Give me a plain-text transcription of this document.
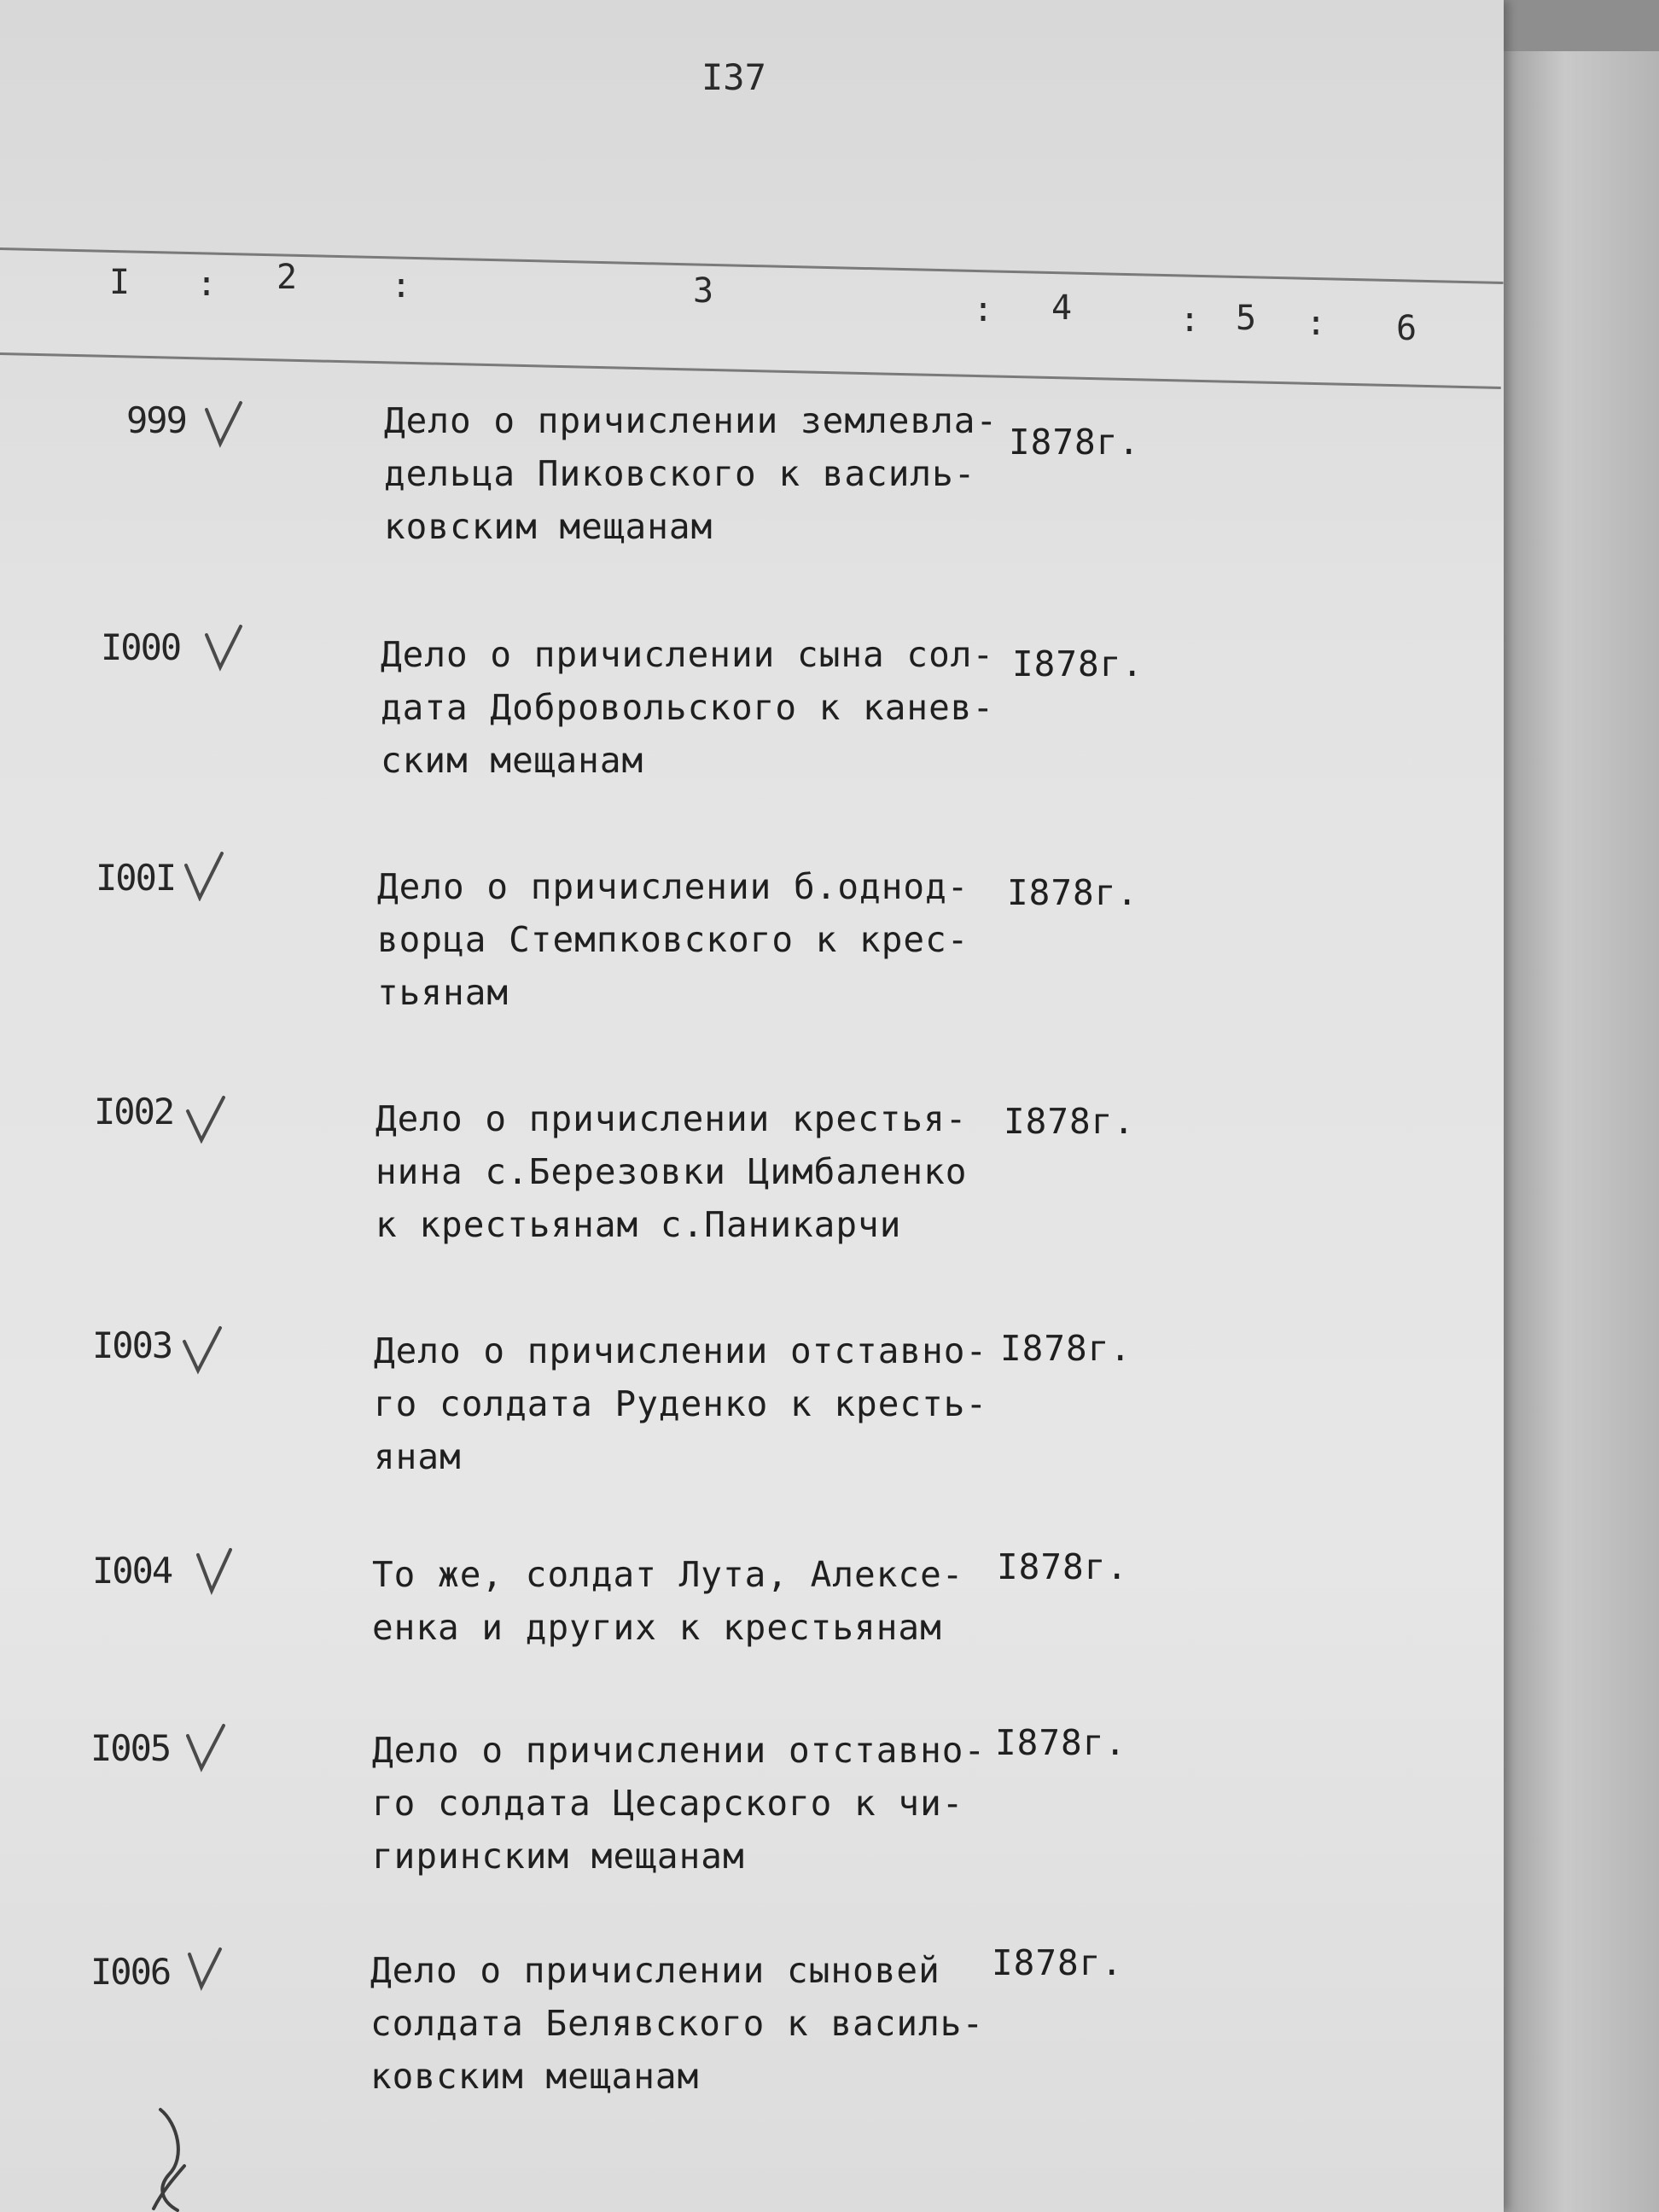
I37
I : 2	:	3	: 4	: 5 : 6
999	Дело о причислении землевла-
дельца Пиковского к василь-
ковским мещанам
I878г.
I000	Дело о причислении сына сол-
дата Добровольского к канев-
ским мещанам
I878г.
I00I	Дело о причислении б.однод-
ворца Стемпковского к крес-
тьянам
I878г.
I002	Дело о причислении крестья-
нина с.Березовки Цимбаленко
к крестьянам с.Паникарчи
I878г.
I003	Дело о причислении отставно-
го солдата Руденко к кресть-
янам
I878г.
I004	То же, солдат Лута, Алексе-
енка и других к крестьянам
I878г.
I005	Дело о причислении отставно-
го солдата Цесарского к чи-
гиринским мещанам
I878г.
I006	Дело о причислении сыновей
солдата Белявского к василь-
ковским мещанам
I878г.
